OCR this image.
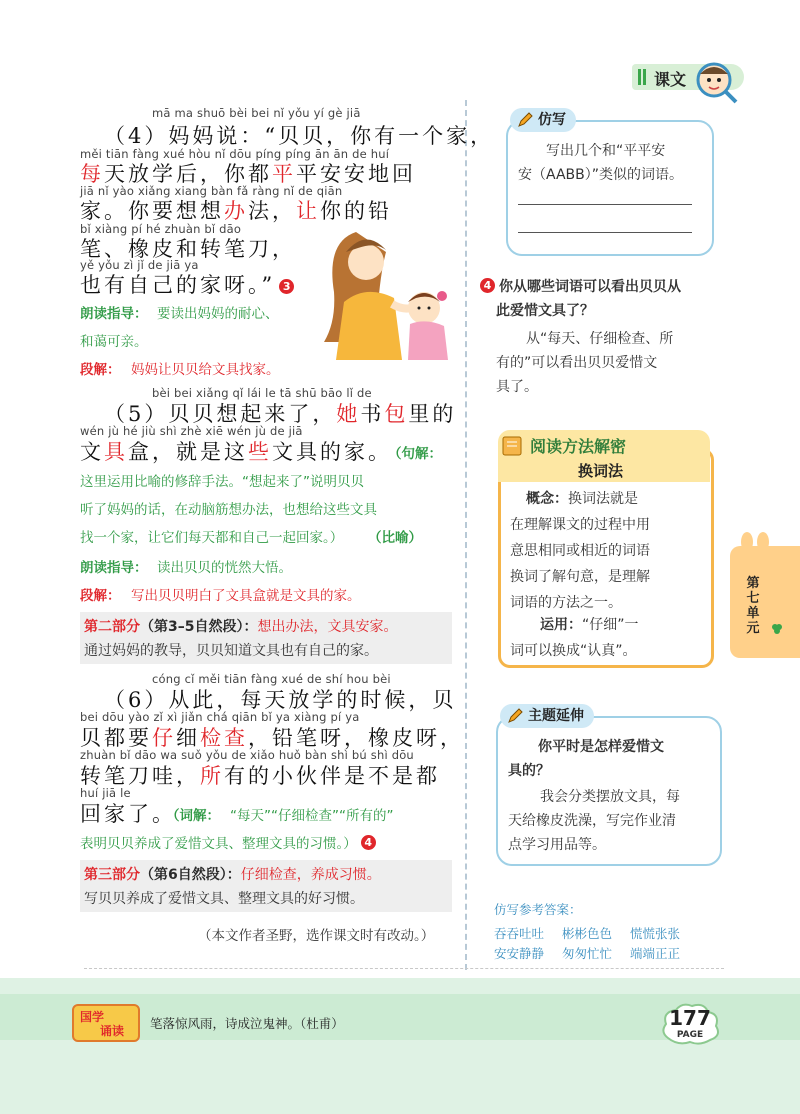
课文
mā ma shuō bèi bei nǐ yǒu yí gè jiā
（4）妈妈说：“贝贝，你有一个家，
měi tiān fàng xué hòu nǐ dōu píng píng ān ān de huí
每天放学后，你都平平安安地回
jiā nǐ yào xiǎng xiang bàn fǎ ràng nǐ de qiān
家。你要想想办法，让你的铅
bǐ xiàng pí hé zhuàn bǐ dāo
笔、橡皮和转笔刀，
yě yǒu zì jǐ de jiā ya
也有自己的家呀。” 3
朗读指导： 要读出妈妈的耐心、
和蔼可亲。
段解： 妈妈让贝贝给文具找家。
bèi bei xiǎng qǐ lái le tā shū bāo lǐ de
（5）贝贝想起来了，她书包里的
wén jù hé jiù shì zhè xiē wén jù de jiā
文具盒，就是这些文具的家。
（句解：
这里运用比喻的修辞手法。“想起来了”说明贝贝
听了妈妈的话，在动脑筋想办法，也想给这些文具
找一个家，让它们每天都和自己一起回家。） （比喻）
朗读指导： 读出贝贝的恍然大悟。
段解： 写出贝贝明白了文具盒就是文具的家。
第二部分（第3–5自然段）：想出办法，文具安家。
通过妈妈的教导，贝贝知道文具也有自己的家。
cóng cǐ měi tiān fàng xué de shí hou bèi
（6）从此，每天放学的时候，贝
bei dōu yào zǐ xì jiǎn chá qiān bǐ ya xiàng pí ya
贝都要仔细检查，铅笔呀，橡皮呀，
zhuàn bǐ dāo wa suǒ yǒu de xiǎo huǒ bàn shì bú shì dōu
转笔刀哇，所有的小伙伴是不是都
huí jiā le
回家了。
（词解： “每天”“仔细检查”“所有的”
表明贝贝养成了爱惜文具、整理文具的习惯。） 4
第三部分（第6自然段）：仔细检查，养成习惯。
写贝贝养成了爱惜文具、整理文具的好习惯。
（本文作者圣野，选作课文时有改动。）
仿写
写出几个和“平平安
安（AABB）”类似的词语。
4 你从哪些词语可以看出贝贝从
此爱惜文具了？
从“每天、仔细检查、所
有的”可以看出贝贝爱惜文
具了。
阅读方法解密
换词法
概念：换词法就是
在理解课文的过程中用
意思相同或相近的词语
换词了解句意，是理解
词语的方法之一。
运用：“仔细”一
词可以换成“认真”。
主题延伸
你平时是怎样爱惜文
具的？
我会分类摆放文具，每
天给橡皮洗澡，写完作业清
点学习用品等。
仿写参考答案：
吞吞吐吐 彬彬色色 慌慌张张
安安静静 匆匆忙忙 端端正正
第七单元
国学
诵读 笔落惊风雨，诗成泣鬼神。（杜甫）	177
PAGE
